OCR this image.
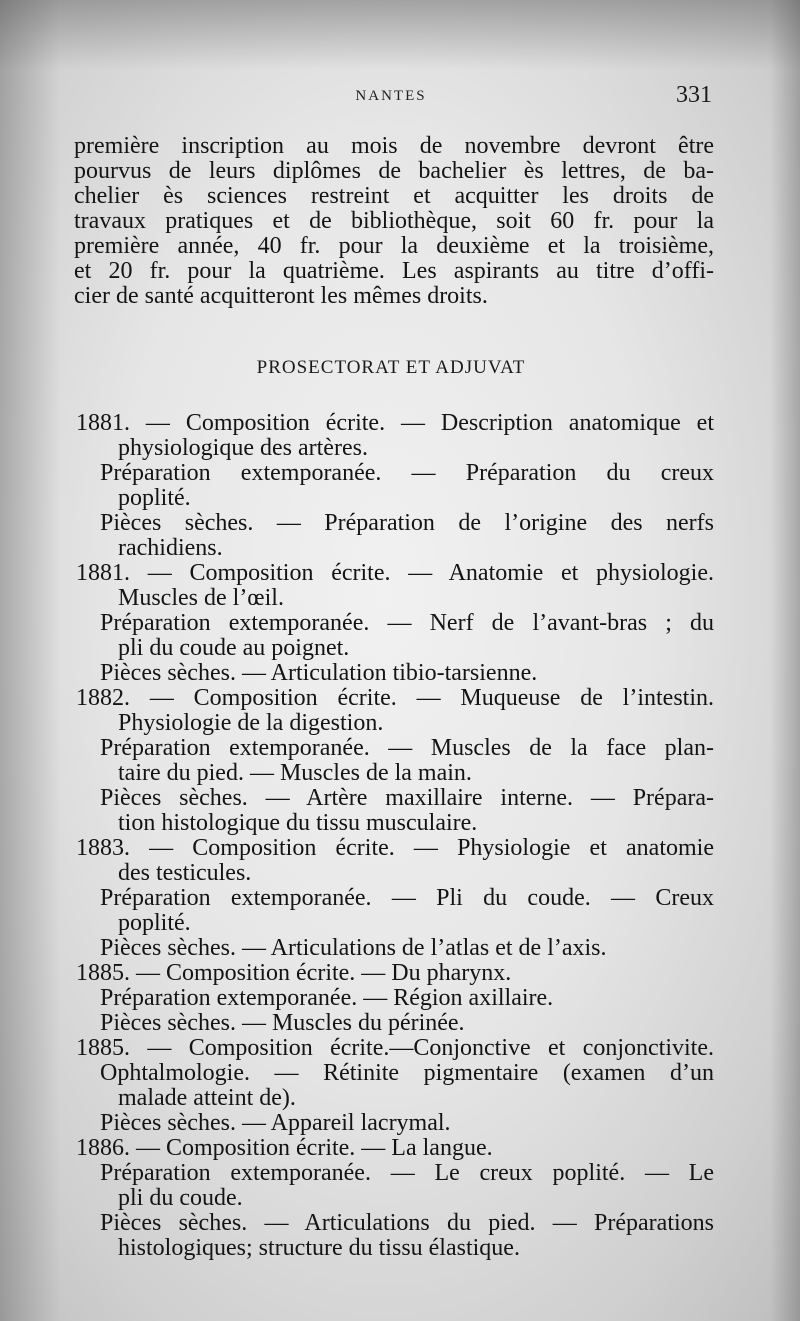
NANTES	331
première inscription au mois de novembre devront être
pourvus de leurs diplômes de bachelier ès lettres, de ba-
chelier ès sciences restreint et acquitter les droits de
travaux pratiques et de bibliothèque, soit 60 fr. pour la
première année, 40 fr. pour la deuxième et la troisième,
et 20 fr. pour la quatrième. Les aspirants au titre d’offi-
cier de santé acquitteront les mêmes droits.
PROSECTORAT ET ADJUVAT
1881. — Composition écrite. — Description anatomique et
physiologique des artères.
Préparation extemporanée. — Préparation du creux
poplité.
Pièces sèches. — Préparation de l’origine des nerfs
rachidiens.
1881. — Composition écrite. — Anatomie et physiologie.
Muscles de l’œil.
Préparation extemporanée. — Nerf de l’avant-bras ; du
pli du coude au poignet.
Pièces sèches. — Articulation tibio-tarsienne.
1882. — Composition écrite. — Muqueuse de l’intestin.
Physiologie de la digestion.
Préparation extemporanée. — Muscles de la face plan-
taire du pied. — Muscles de la main.
Pièces sèches. — Artère maxillaire interne. — Prépara-
tion histologique du tissu musculaire.
1883. — Composition écrite. — Physiologie et anatomie
des testicules.
Préparation extemporanée. — Pli du coude. — Creux
poplité.
Pièces sèches. — Articulations de l’atlas et de l’axis.
1885. — Composition écrite. — Du pharynx.
Préparation extemporanée. — Région axillaire.
Pièces sèches. — Muscles du périnée.
1885. — Composition écrite.—Conjonctive et conjonctivite.
Ophtalmologie. — Rétinite pigmentaire (examen d’un
malade atteint de).
Pièces sèches. — Appareil lacrymal.
1886. — Composition écrite. — La langue.
Préparation extemporanée. — Le creux poplité. — Le
pli du coude.
Pièces sèches. — Articulations du pied. — Préparations
histologiques; structure du tissu élastique.
